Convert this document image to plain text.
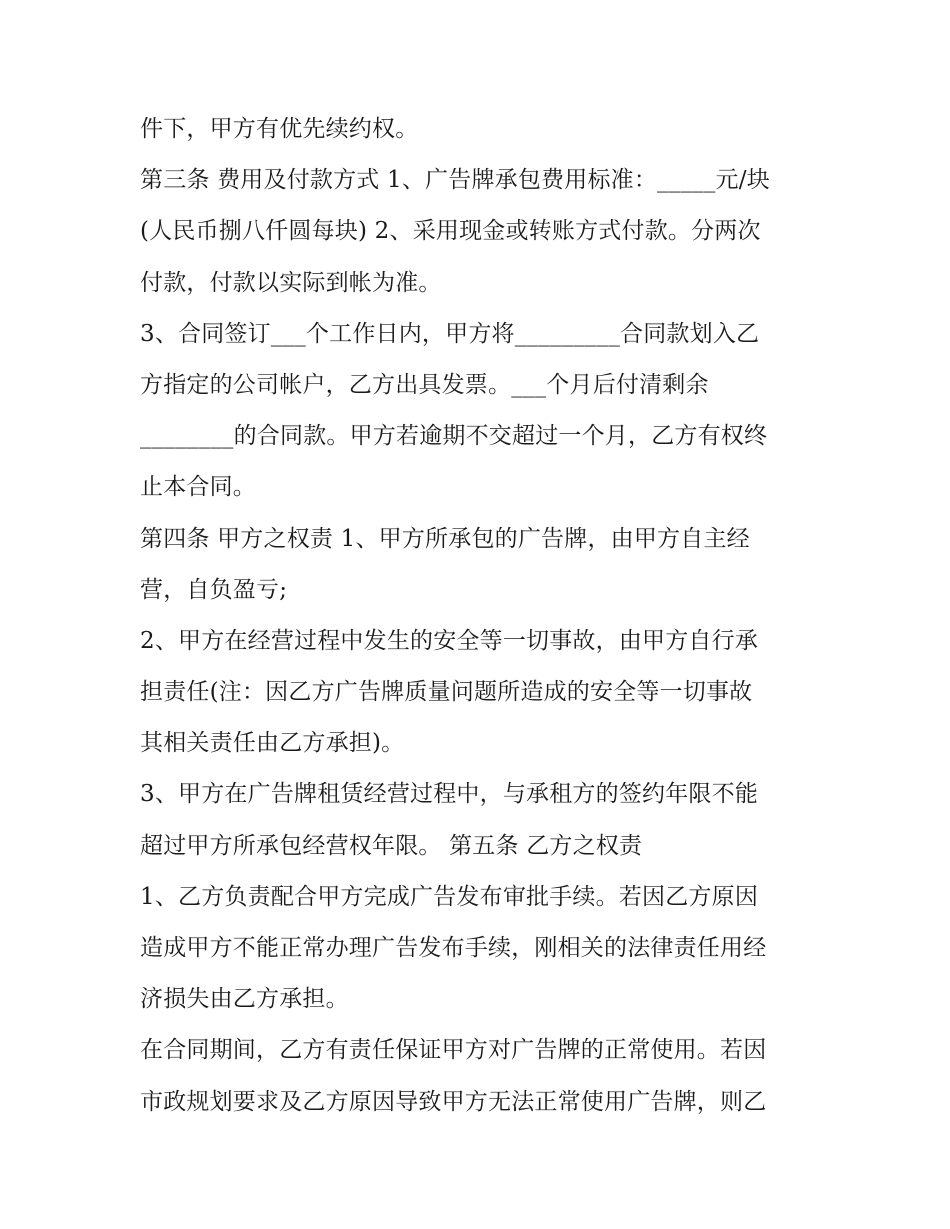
件下，甲方有优先续约权。
第三条 费用及付款方式 1、广告牌承包费用标准：_____元/块
(人民币捌八仟圆每块) 2、采用现金或转账方式付款。分两次
付款，付款以实际到帐为准。
3、合同签订___个工作日内，甲方将_________合同款划入乙
方指定的公司帐户，乙方出具发票。___个月后付清剩余
________的合同款。甲方若逾期不交超过一个月，乙方有权终
止本合同。
第四条 甲方之权责 1、甲方所承包的广告牌，由甲方自主经
营，自负盈亏;
2、甲方在经营过程中发生的安全等一切事故，由甲方自行承
担责任(注：因乙方广告牌质量问题所造成的安全等一切事故
其相关责任由乙方承担)。
3、甲方在广告牌租赁经营过程中，与承租方的签约年限不能
超过甲方所承包经营权年限。 第五条 乙方之权责
1、乙方负责配合甲方完成广告发布审批手续。若因乙方原因
造成甲方不能正常办理广告发布手续，刚相关的法律责任用经
济损失由乙方承担。
在合同期间，乙方有责任保证甲方对广告牌的正常使用。若因
市政规划要求及乙方原因导致甲方无法正常使用广告牌，则乙
